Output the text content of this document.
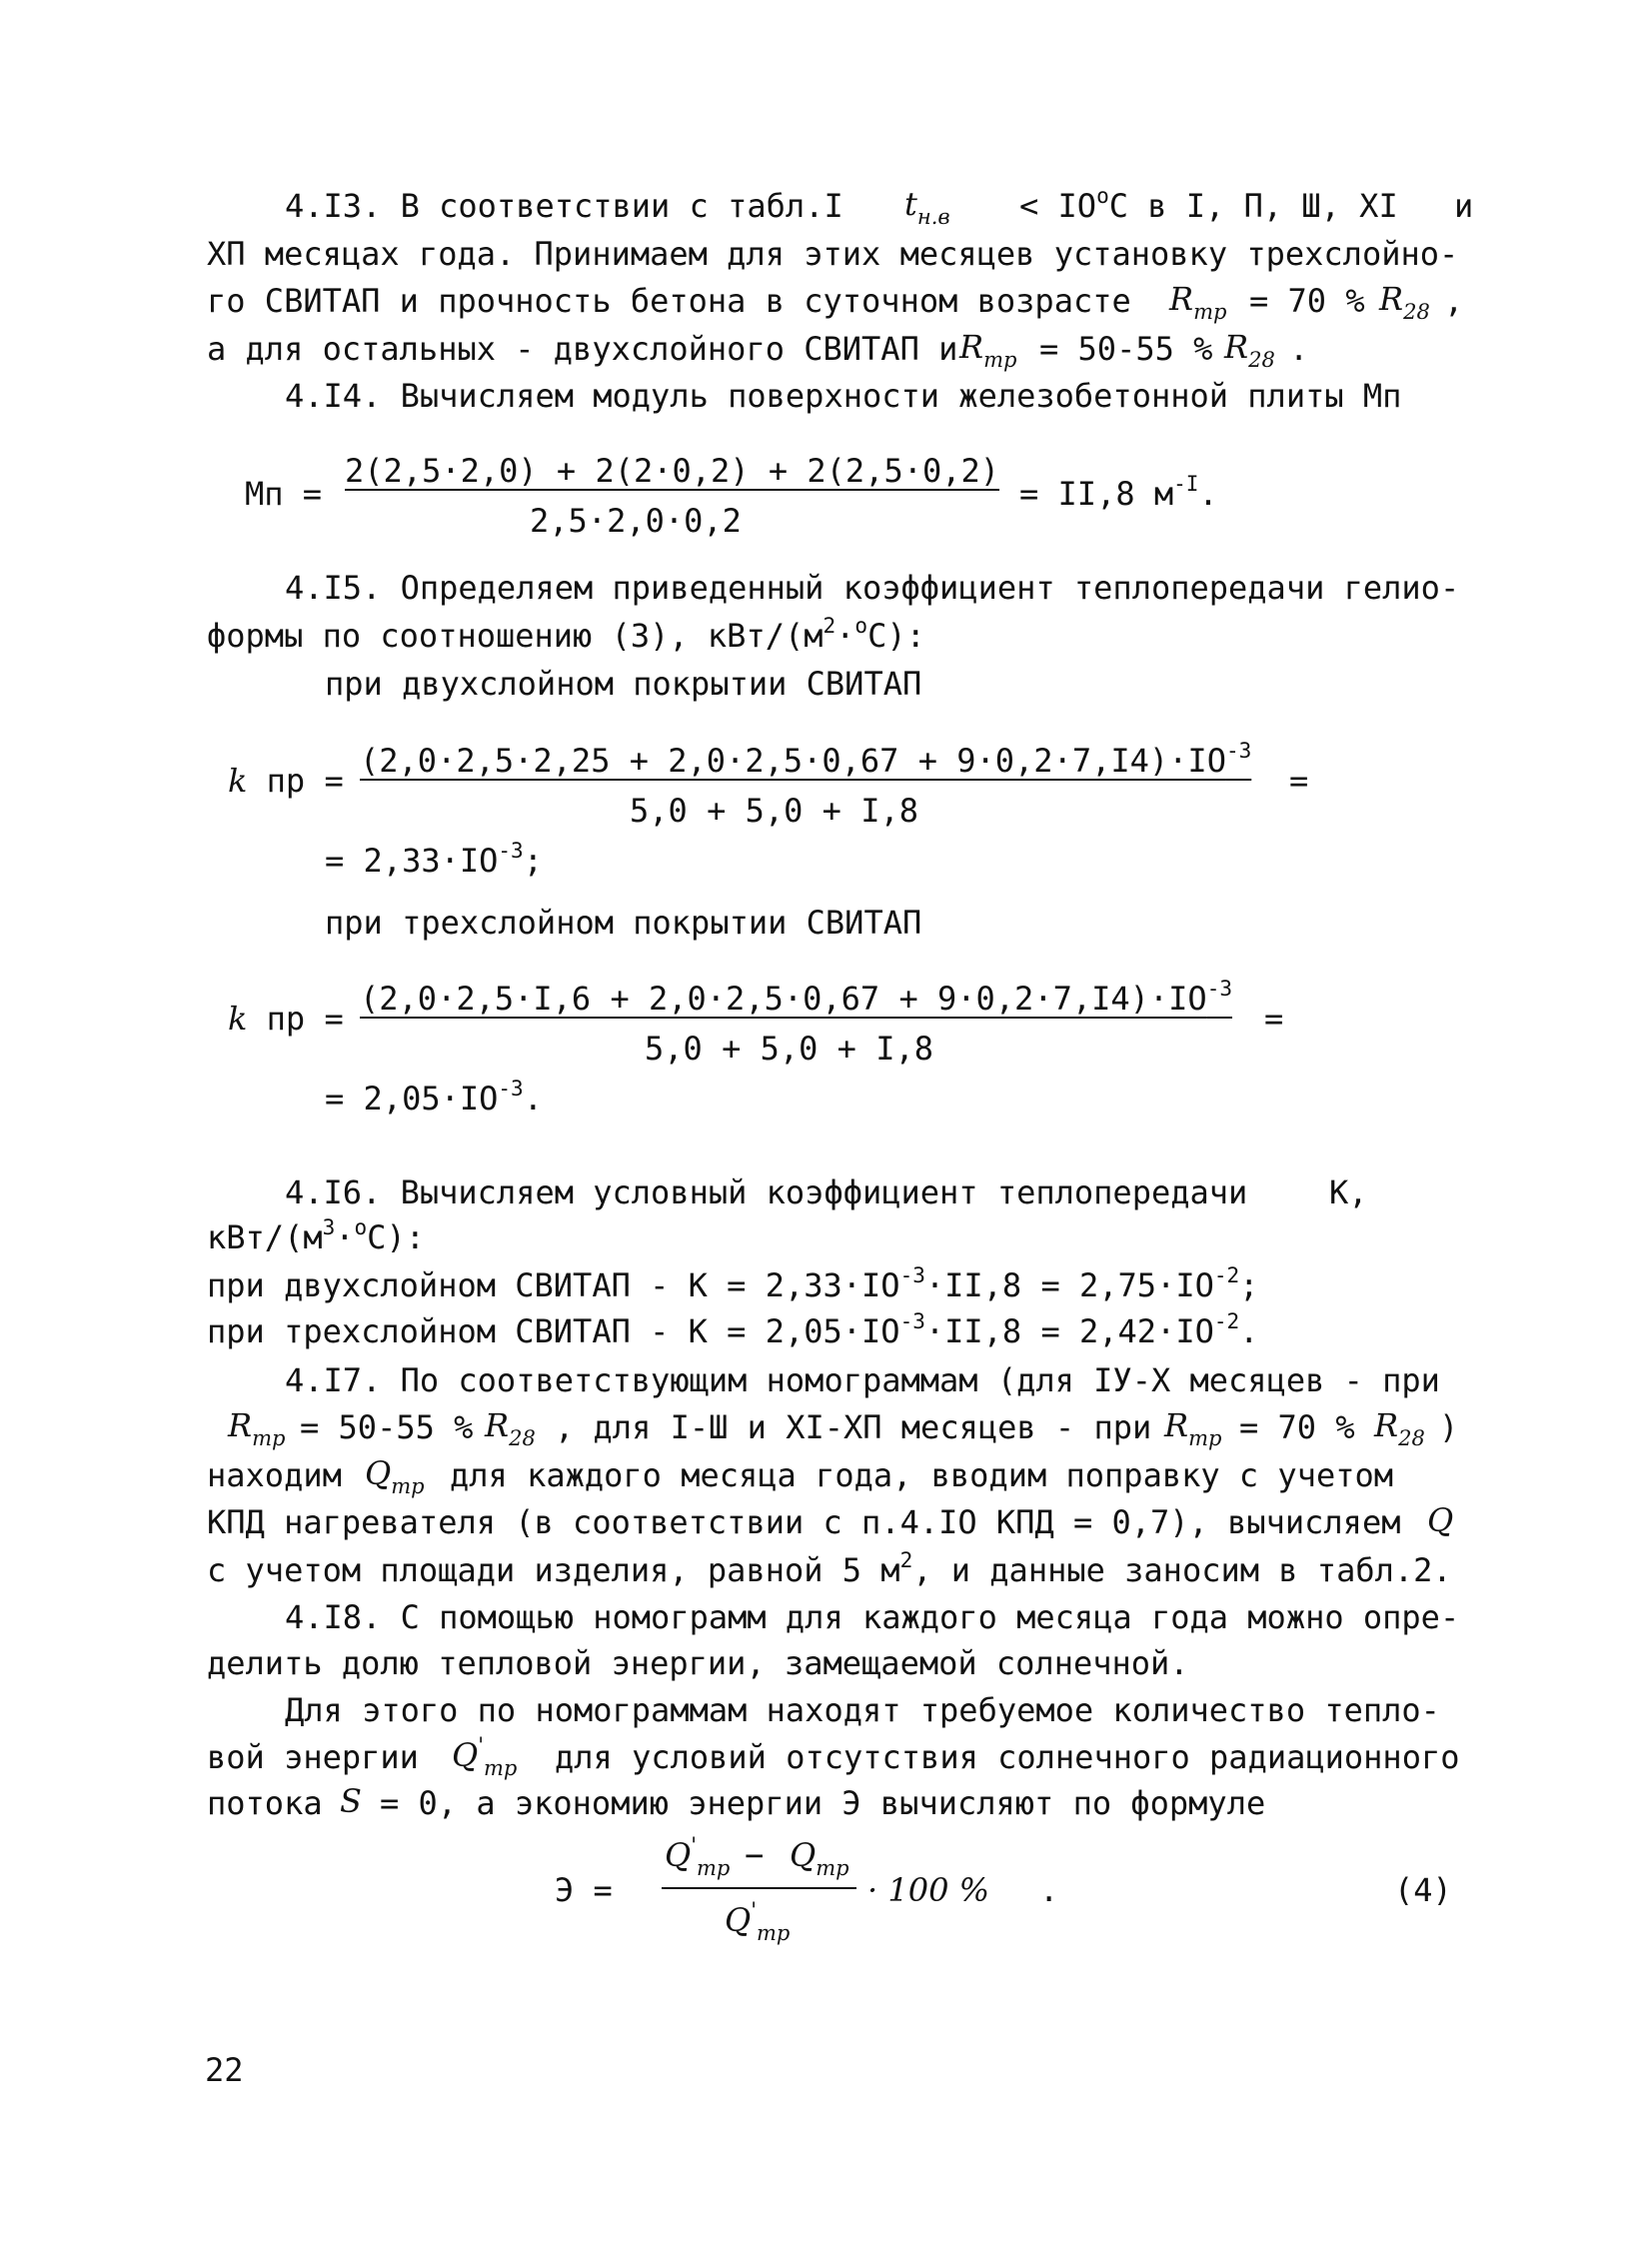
4.I3. В соответствии с табл.I $t_{н.в} < IO^оС$ в I, П, Ш, XI и
XП месяцах года. Принимаем для этих месяцев установку трехслойно-
го СВИТАП и прочность бетона в суточном возрасте $R_{тр} = 70$ % $R_{28}$ ,
а для остальных - двухслойного СВИТАП и $R_{тр} = 50-55$ % $R_{28}$ .
4.I4. Вычисляем модуль поверхности железобетонной плиты Мп
Мп =
2(2,5·2,0) + 2(2·0,2) + 2(2,5·0,2)
2,5·2,0·0,2
= II,8 $м^{-I}$.
4.I5. Определяем приведенный коэффициент теплопередачи гелио-
формы по соотношению (3), кВт/$(м^2\cdot^оС)$:
при двухслойном покрытии СВИТАП
k пр =
$(2,0\cdot 2,5\cdot 2,25 + 2,0\cdot 2,5\cdot 0,67 + 9\cdot 0,2\cdot 7,I4)\cdot IO^{-3}$
5,0 + 5,0 + I,8
=
= $2,33\cdot IO^{-3}$;
при трехслойном покрытии СВИТАП
k пр =
$(2,0\cdot 2,5\cdot I,6 + 2,0\cdot 2,5\cdot 0,67 + 9\cdot 0,2\cdot 7,I4)\cdot IO^{-3}$
5,0 + 5,0 + I,8
=
= $2,05\cdot IO^{-3}$.
4.I6. Вычисляем условный коэффициент теплопередачи	К,
кВт/$(м^3\cdot^оС)$:
при двухслойном СВИТАП - $К = 2,33\cdot IO^{-3}\cdot II,8 = 2,75\cdot IO^{-2}$;
при трехслойном СВИТАП - $К = 2,05\cdot IO^{-3}\cdot II,8 = 2,42\cdot IO^{-2}$.
4.I7. По соответствующим номограммам (для IУ-X месяцев - при
$R_{тр} = 50-55$ % $R_{28}$ , для I-Ш и XI-XП месяцев - при $R_{тр} = 70$ % $R_{28}$ )
находим $Q_{тр}$ для каждого месяца года, вводим поправку с учетом
КПД нагревателя (в соответствии с п.4.IO КПД = 0,7), вычисляем Q
с учетом площади изделия, равной 5 $м^2$, и данные заносим в табл.2.
4.I8. С помощью номограмм для каждого месяца года можно опре-
делить долю тепловой энергии, замещаемой солнечной.
Для этого по номограммам находят требуемое количество тепло-
вой энергии $Q'_{тр}$ для условий отсутствия солнечного радиационного
потока S = 0, а экономию энергии Э вычисляют по формуле
Э =
$Q'_{тр} - Q_{тр}$
$Q'_{тр}$
· 100 % .	(4)
22
